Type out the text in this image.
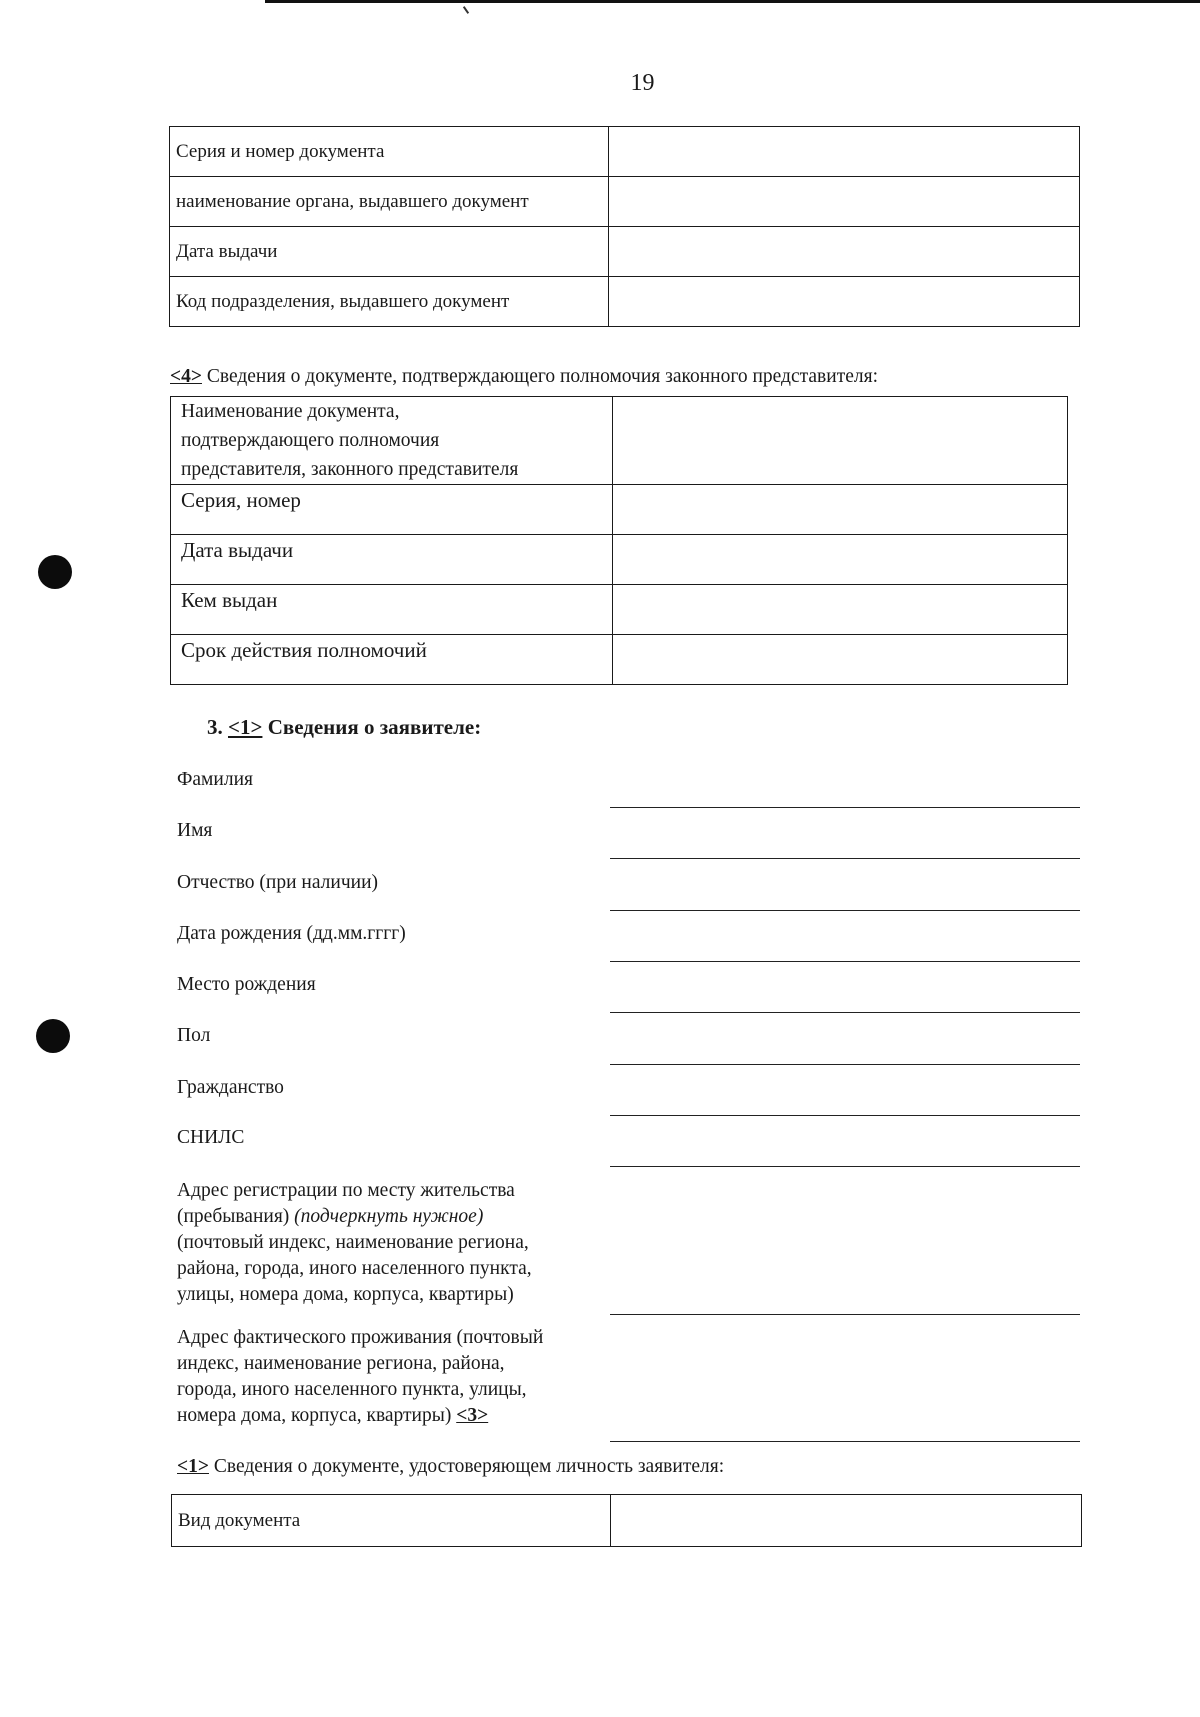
19
Серия и номер документа	
наименование органа, выдавшего документ	
Дата выдачи	
Код подразделения, выдавшего документ	
<4> Сведения о документе, подтверждающего полномочия законного представителя:
Наименование документа,
подтверждающего полномочия
представителя, законного представителя	

Серия, номер	
Дата выдачи	
Кем выдан	
Срок действия полномочий	
3. <1> Сведения о заявителе:
Фамилия
Имя
Отчество (при наличии)
Дата рождения (дд.мм.гггг)
Место рождения
Пол
Гражданство
СНИЛС
Адрес регистрации по месту жительства
(пребывания) (подчеркнуть нужное)
(почтовый индекс, наименование региона,
района, города, иного населенного пункта,
улицы, номера дома, корпуса, квартиры)
Адрес фактического проживания (почтовый
индекс, наименование региона, района,
города, иного населенного пункта, улицы,
номера дома, корпуса, квартиры) <3>
<1> Сведения о документе, удостоверяющем личность заявителя:
Вид документа	
